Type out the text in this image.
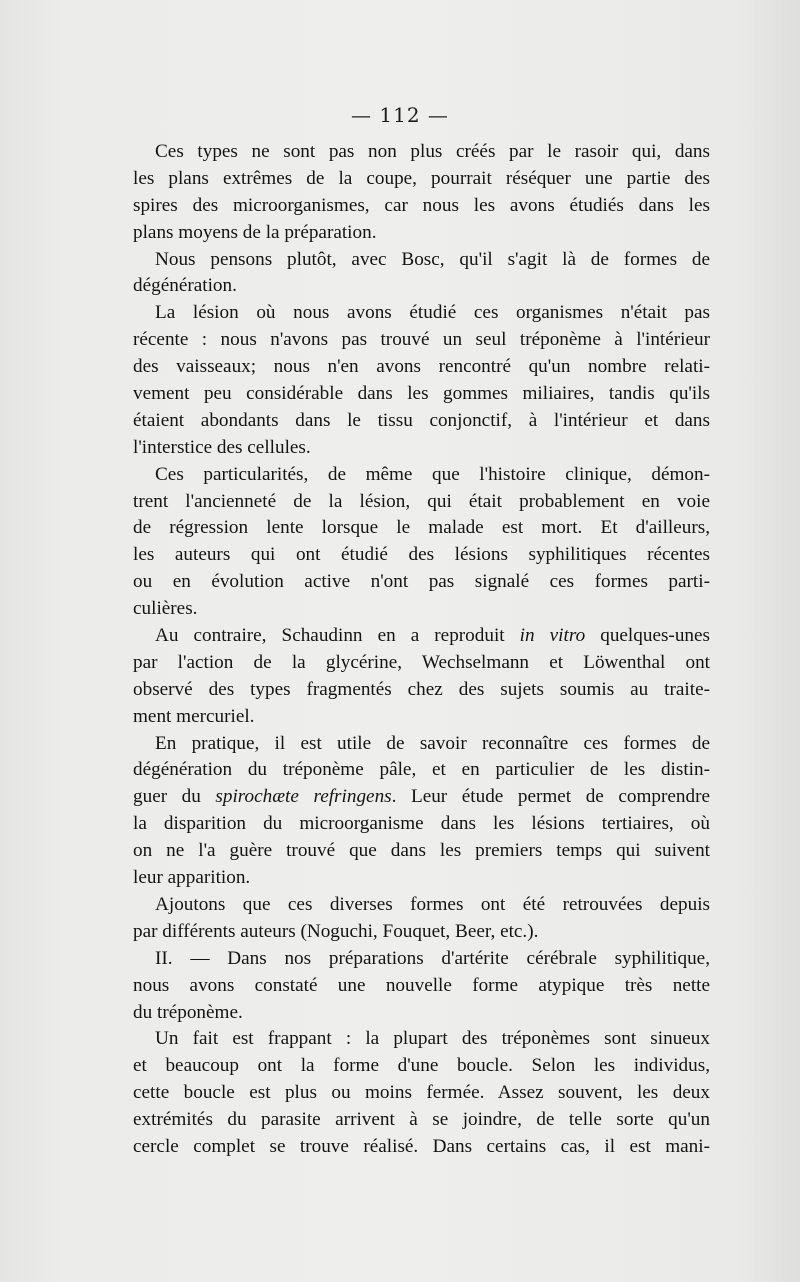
— 112 —
Ces types ne sont pas non plus créés par le rasoir qui, dans
les plans extrêmes de la coupe, pourrait réséquer une partie des
spires des microorganismes, car nous les avons étudiés dans les
plans moyens de la préparation.
Nous pensons plutôt, avec Bosc, qu'il s'agit là de formes de
dégénération.
La lésion où nous avons étudié ces organismes n'était pas
récente : nous n'avons pas trouvé un seul tréponème à l'intérieur
des vaisseaux; nous n'en avons rencontré qu'un nombre relati-
vement peu considérable dans les gommes miliaires, tandis qu'ils
étaient abondants dans le tissu conjonctif, à l'intérieur et dans
l'interstice des cellules.
Ces particularités, de même que l'histoire clinique, démon-
trent l'ancienneté de la lésion, qui était probablement en voie
de régression lente lorsque le malade est mort. Et d'ailleurs,
les auteurs qui ont étudié des lésions syphilitiques récentes
ou en évolution active n'ont pas signalé ces formes parti-
culières.
Au contraire, Schaudinn en a reproduit in vitro quelques-unes
par l'action de la glycérine, Wechselmann et Löwenthal ont
observé des types fragmentés chez des sujets soumis au traite-
ment mercuriel.
En pratique, il est utile de savoir reconnaître ces formes de
dégénération du tréponème pâle, et en particulier de les distin-
guer du spirochæte refringens. Leur étude permet de comprendre
la disparition du microorganisme dans les lésions tertiaires, où
on ne l'a guère trouvé que dans les premiers temps qui suivent
leur apparition.
Ajoutons que ces diverses formes ont été retrouvées depuis
par différents auteurs (Noguchi, Fouquet, Beer, etc.).
II. — Dans nos préparations d'artérite cérébrale syphilitique,
nous avons constaté une nouvelle forme atypique très nette
du tréponème.
Un fait est frappant : la plupart des tréponèmes sont sinueux
et beaucoup ont la forme d'une boucle. Selon les individus,
cette boucle est plus ou moins fermée. Assez souvent, les deux
extrémités du parasite arrivent à se joindre, de telle sorte qu'un
cercle complet se trouve réalisé. Dans certains cas, il est mani-
